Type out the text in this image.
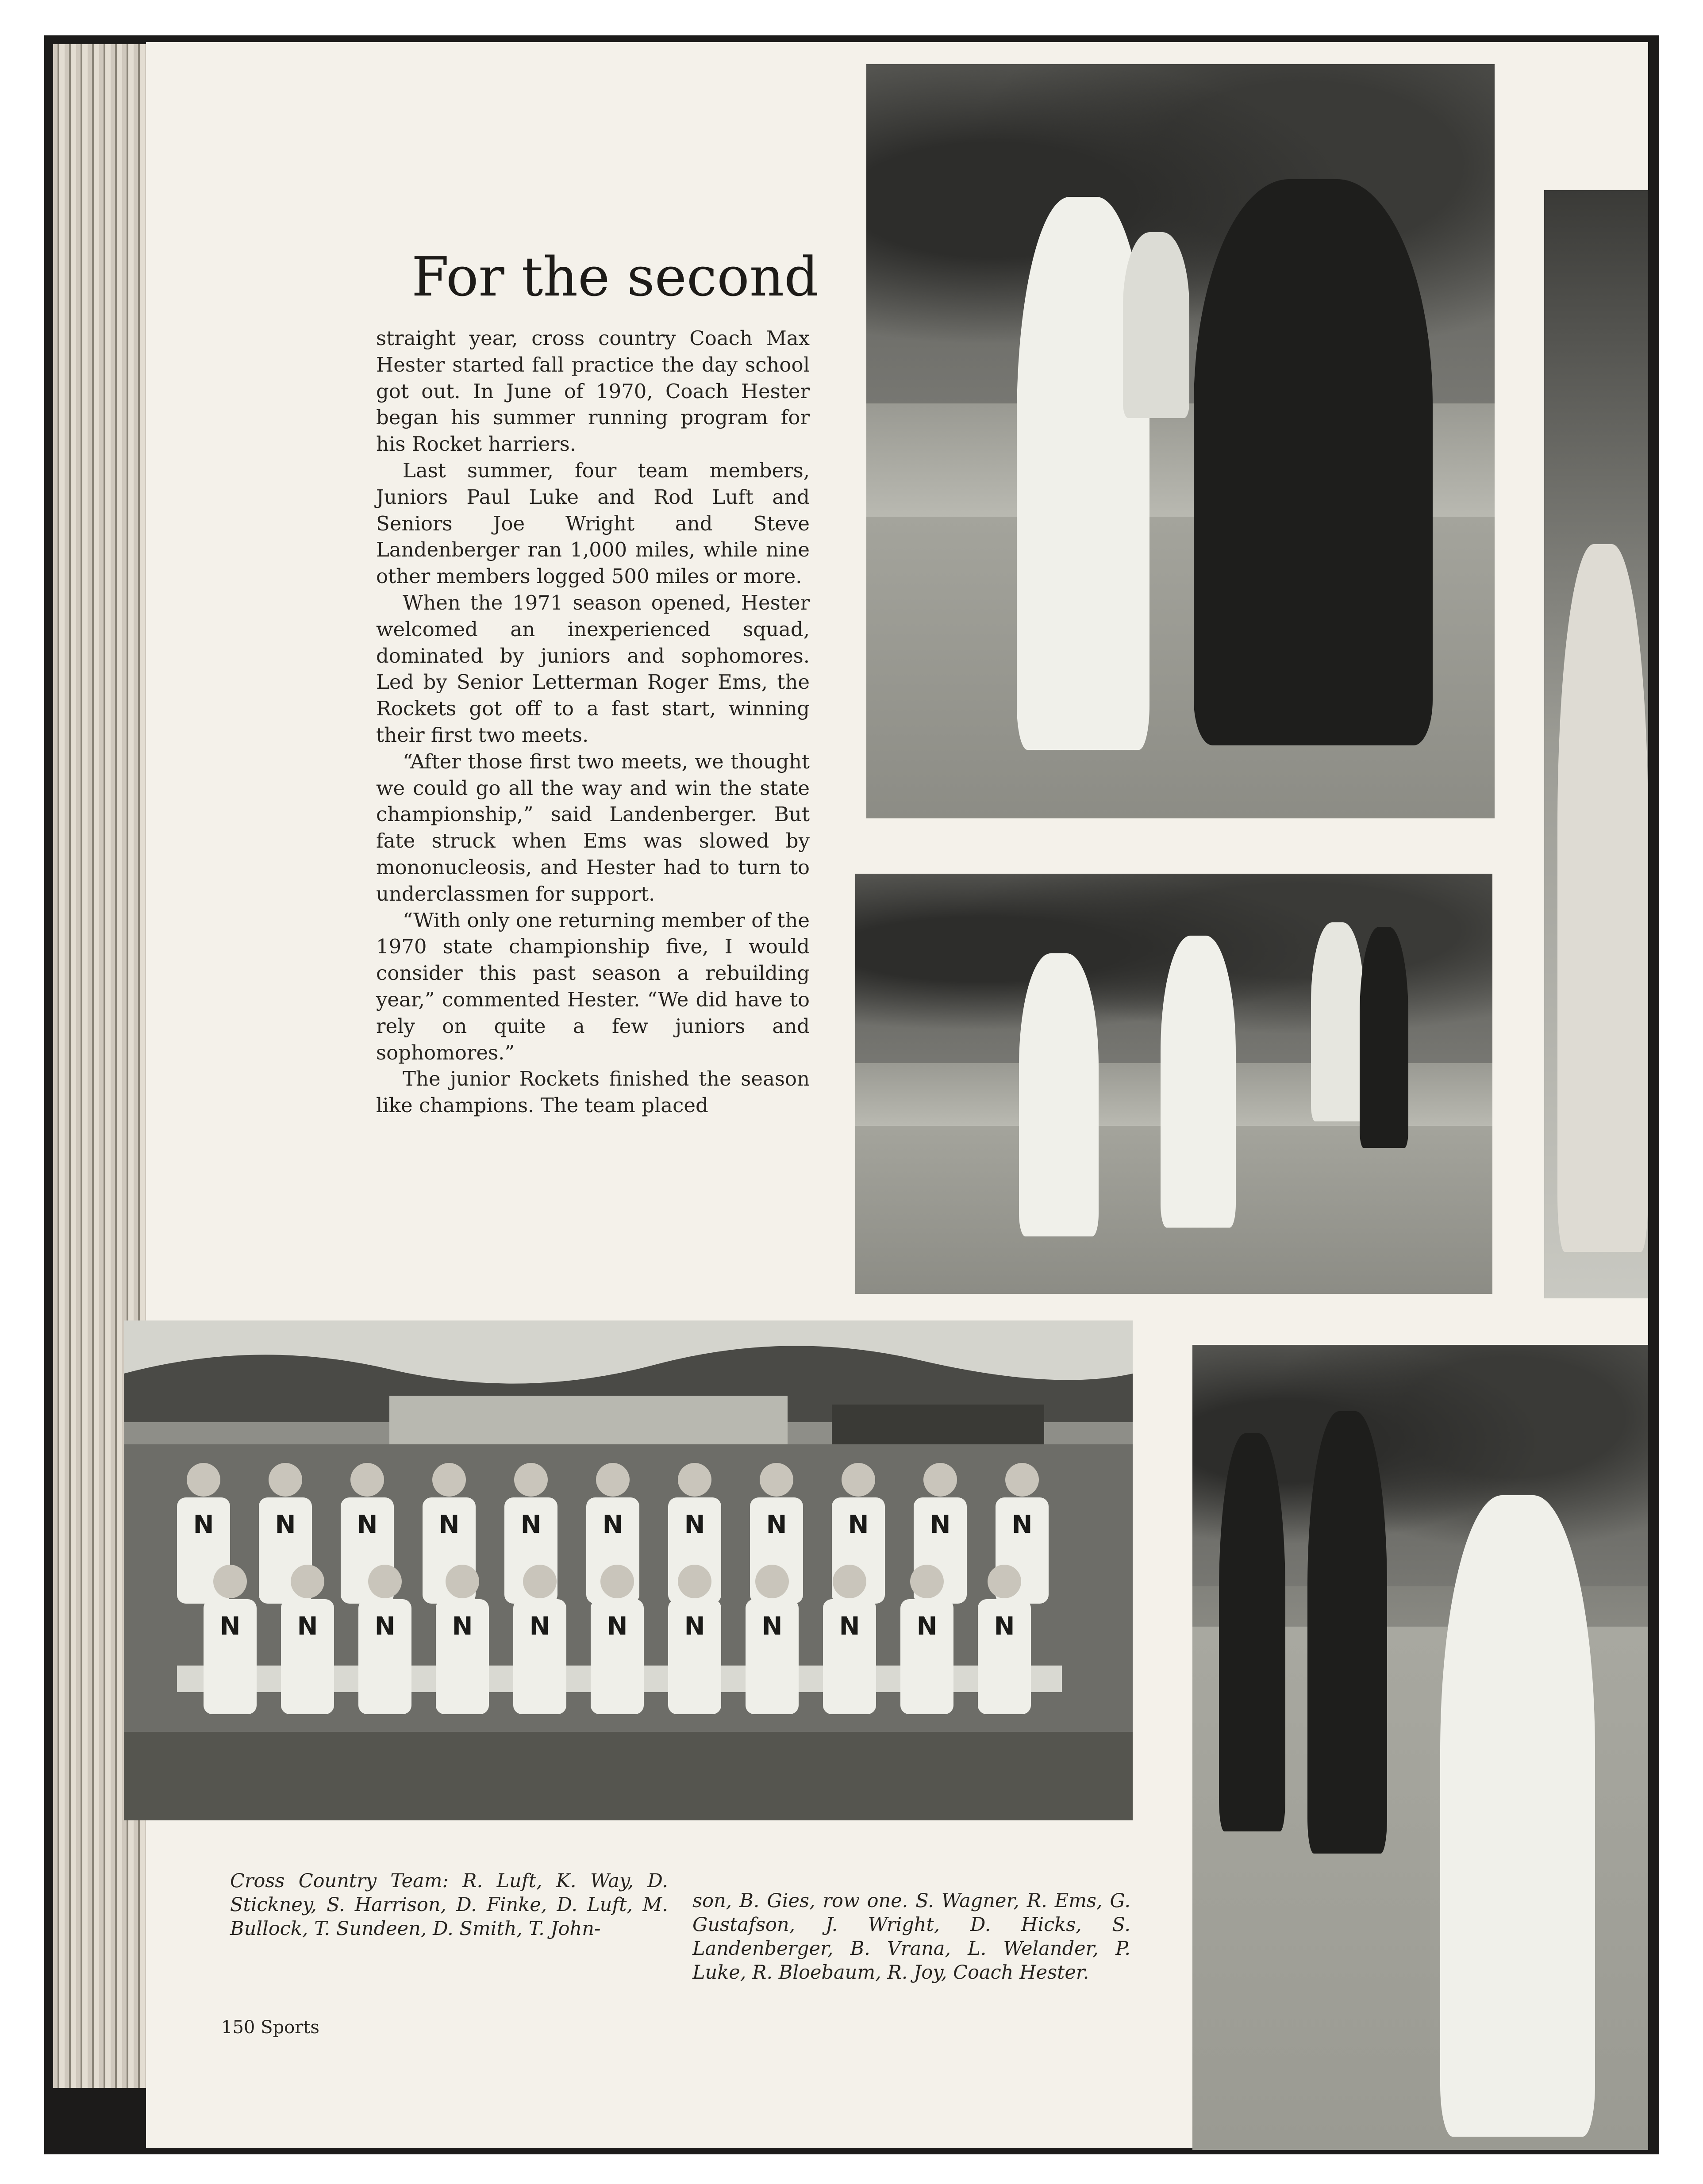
N N N N N N N N N N N
N N N N N N N N N N N
For the second

straight year, cross country Coach Max Hester started fall practice the day school got out. In June of 1970, Coach Hester began his summer running program for his Rocket harriers.

Last summer, four team members, Juniors Paul Luke and Rod Luft and Seniors Joe Wright and Steve Landenberger ran 1,000 miles, while nine other members logged 500 miles or more.

When the 1971 season opened, Hester welcomed an inexperienced squad, dominated by juniors and sophomores. Led by Senior Letterman Roger Ems, the Rockets got off to a fast start, winning their first two meets.

“After those first two meets, we thought we could go all the way and win the state championship,” said Landenberger. But fate struck when Ems was slowed by mononucleosis, and Hester had to turn to underclassmen for support.

“With only one returning member of the 1970 state championship five, I would consider this past season a rebuilding year,” commented Hester. “We did have to rely on quite a few juniors and sophomores.”

The junior Rockets finished the season like champions. The team placed

Cross Country Team: R. Luft, K. Way, D. Stickney, S. Harrison, D. Finke, D. Luft, M. Bullock, T. Sundeen, D. Smith, T. John-
son, B. Gies, row one. S. Wagner, R. Ems, G. Gustafson, J. Wright, D. Hicks, S. Landenberger, B. Vrana, L. Welander, P. Luke, R. Bloebaum, R. Joy, Coach Hester.
150 Sports
